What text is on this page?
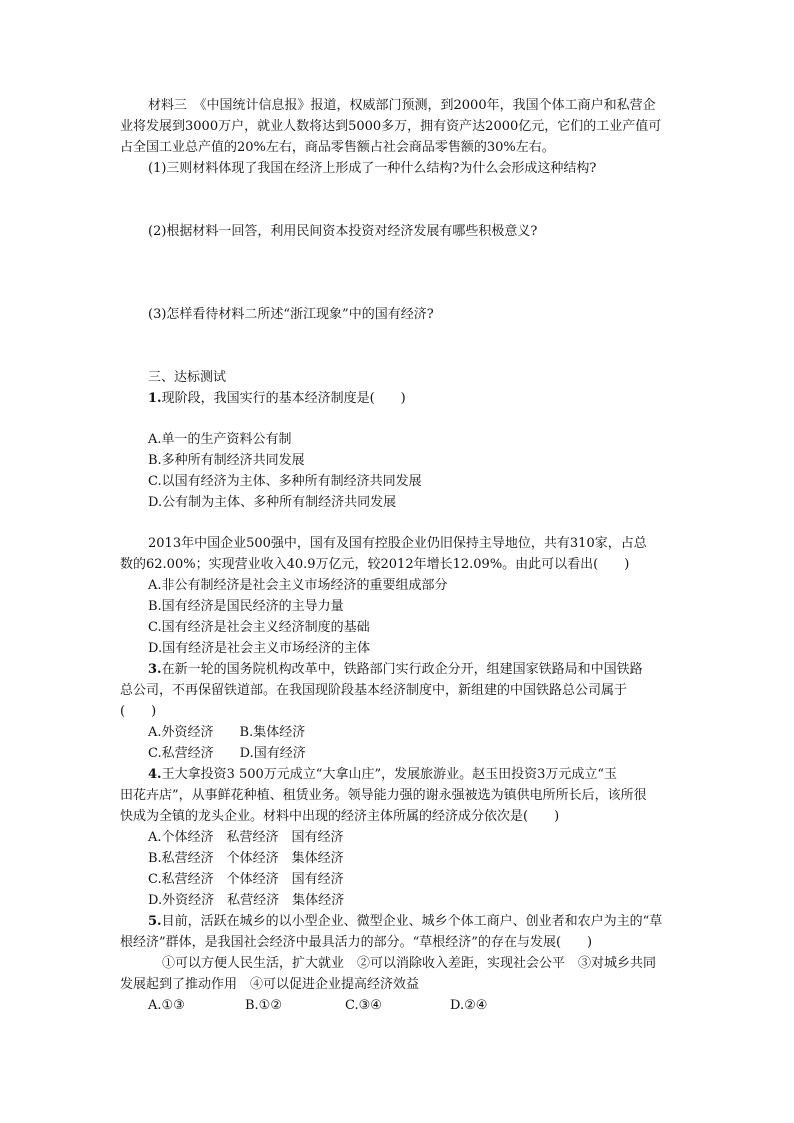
材料三　《中国统计信息报》报道，权威部门预测，到2000年，我国个体工商户和私营企
业将发展到3000万户，就业人数将达到5000多万，拥有资产达2000亿元，它们的工业产值可
占全国工业总产值的20%左右，商品零售额占社会商品零售额的30%左右。
(1)三则材料体现了我国在经济上形成了一种什么结构?为什么会形成这种结构?
(2)根据材料一回答，利用民间资本投资对经济发展有哪些积极意义?
(3)怎样看待材料二所述“浙江现象”中的国有经济?
三、达标测试
1.现阶段，我国实行的基本经济制度是(　　)
A.单一的生产资料公有制
B.多种所有制经济共同发展
C.以国有经济为主体、多种所有制经济共同发展
D.公有制为主体、多种所有制经济共同发展
2013年中国企业500强中，国有及国有控股企业仍旧保持主导地位，共有310家，占总
数的62.00%；实现营业收入40.9万亿元，较2012年增长12.09%。由此可以看出(　　)
A.非公有制经济是社会主义市场经济的重要组成部分
B.国有经济是国民经济的主导力量
C.国有经济是社会主义经济制度的基础
D.国有经济是社会主义市场经济的主体
3.在新一轮的国务院机构改革中，铁路部门实行政企分开，组建国家铁路局和中国铁路
总公司，不再保留铁道部。在我国现阶段基本经济制度中，新组建的中国铁路总公司属于
(　　)
A.外资经济　　B.集体经济
C.私营经济　　D.国有经济
4.王大拿投资3 500万元成立“大拿山庄”，发展旅游业。赵玉田投资3万元成立“玉
田花卉店”，从事鲜花种植、租赁业务。领导能力强的谢永强被选为镇供电所所长后，该所很
快成为全镇的龙头企业。材料中出现的经济主体所属的经济成分依次是(　　)
A.个体经济　私营经济　国有经济
B.私营经济　个体经济　集体经济
C.私营经济　个体经济　国有经济
D.外资经济　私营经济　集体经济
5.目前，活跃在城乡的以小型企业、微型企业、城乡个体工商户、创业者和农户为主的“草
根经济”群体，是我国社会经济中最具活力的部分。“草根经济”的存在与发展(　　)
①可以方便人民生活，扩大就业　②可以消除收入差距，实现社会公平　③对城乡共同
发展起到了推动作用　④可以促进企业提高经济效益
A.①③	B.①②	C.③④	D.②④
